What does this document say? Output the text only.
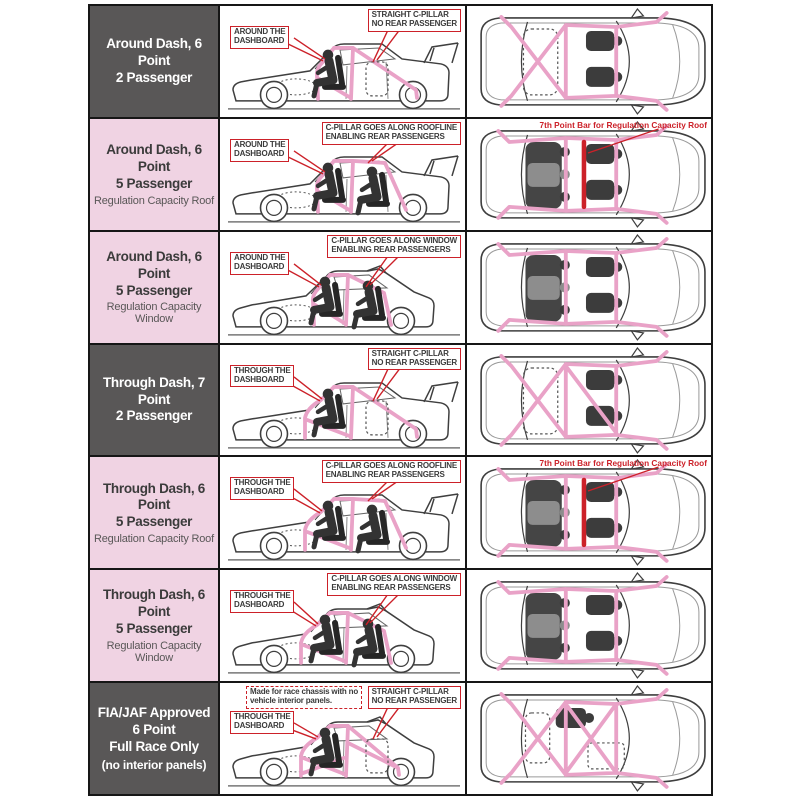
Around Dash, 6 Point
2 Passenger
AROUND THE
DASHBOARD
STRAIGHT C-PILLAR
NO REAR PASSENGER
Around Dash, 6 Point
5 Passenger
Regulation Capacity Roof
AROUND THE
DASHBOARD
C-PILLAR GOES ALONG ROOFLINE
ENABLING REAR PASSENGERS
7th Point Bar for Regulation Capacity Roof
Around Dash, 6 Point
5 Passenger
Regulation Capacity Window
AROUND THE
DASHBOARD
C-PILLAR GOES ALONG WINDOW
ENABLING REAR PASSENGERS
Through Dash, 7 Point
2 Passenger
THROUGH THE
DASHBOARD
STRAIGHT C-PILLAR
NO REAR PASSENGER
Through Dash, 6 Point
5 Passenger
Regulation Capacity Roof
THROUGH THE
DASHBOARD
C-PILLAR GOES ALONG ROOFLINE
ENABLING REAR PASSENGERS
7th Point Bar for Regulation Capacity Roof
Through Dash, 6 Point
5 Passenger
Regulation Capacity Window
THROUGH THE
DASHBOARD
C-PILLAR GOES ALONG WINDOW
ENABLING REAR PASSENGERS
FIA/JAF Approved
6 Point
Full Race Only
(no interior panels)
Made for race chassis with no
vehicle interior panels.
THROUGH THE
DASHBOARD
STRAIGHT C-PILLAR
NO REAR PASSENGER
